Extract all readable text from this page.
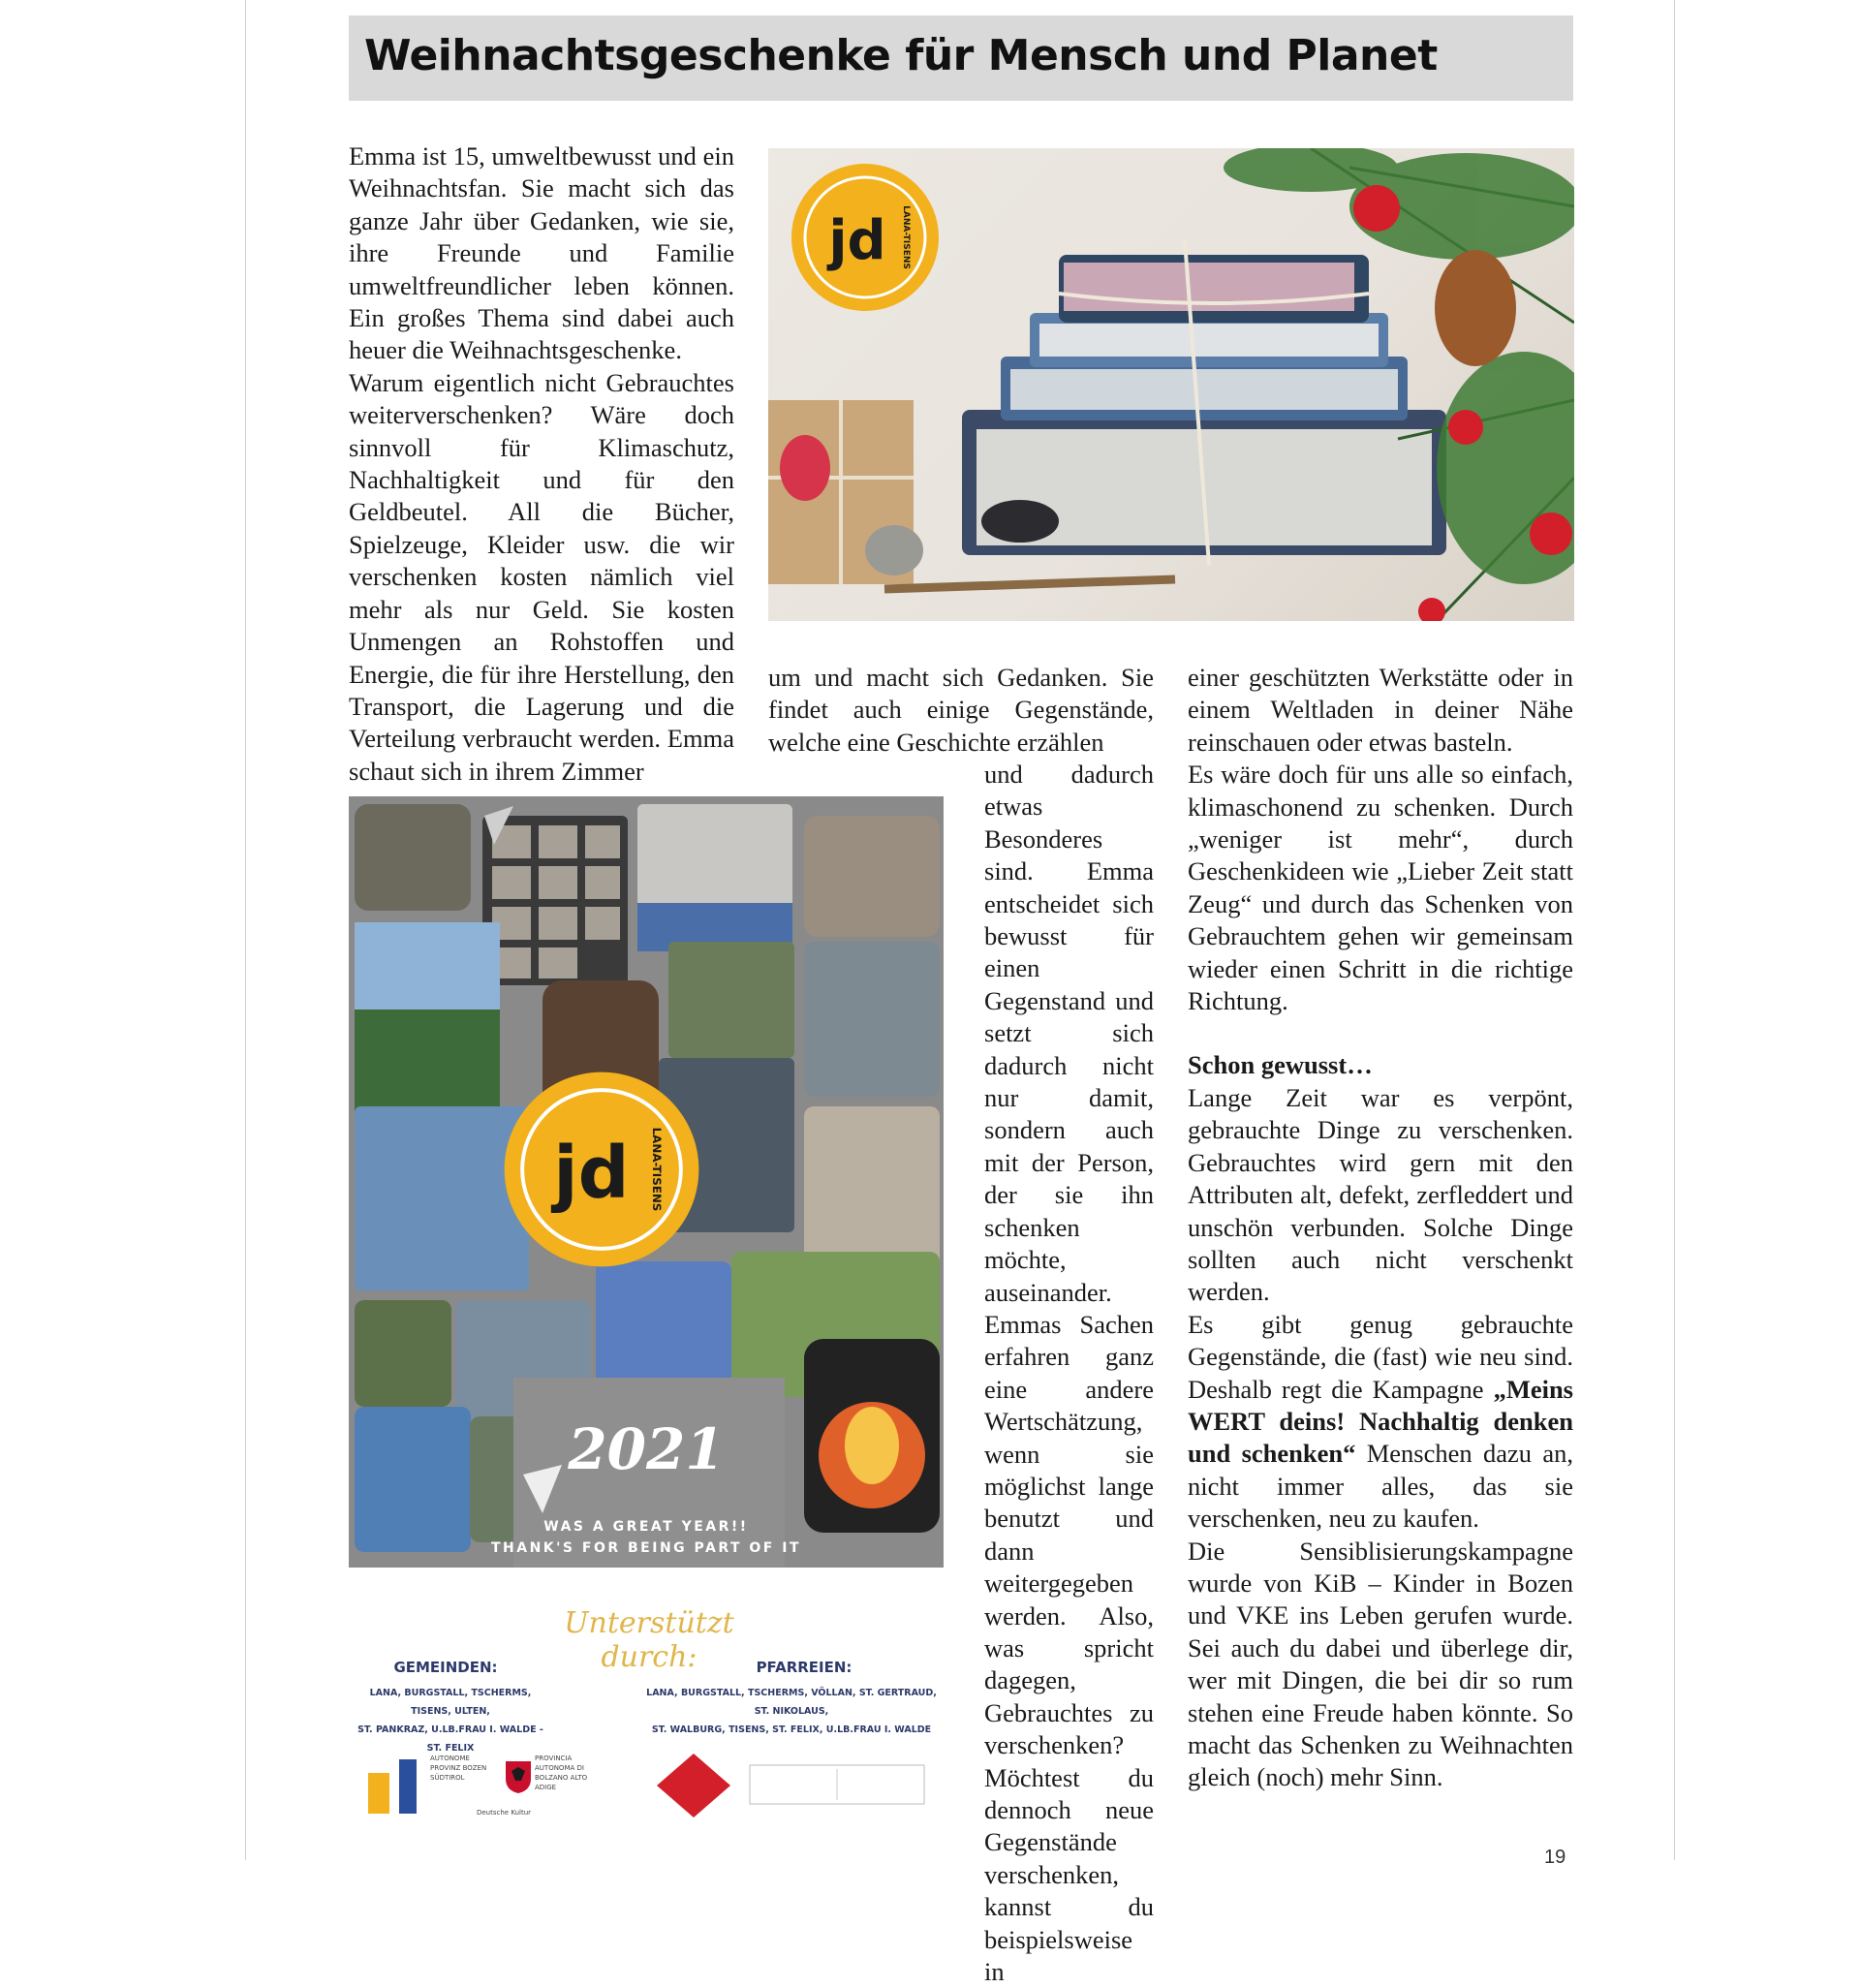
Weihnachtsgeschenke für Mensch und Planet

Emma ist 15, umweltbewusst und ein Weihnachtsfan. Sie macht sich das ganze Jahr über Gedanken, wie sie, ihre Freunde und Familie umweltfreundlicher leben können. Ein großes Thema sind dabei auch heuer die Weihnachtsgeschenke.

Warum eigentlich nicht Gebrauchtes weiterverschenken? Wäre doch sinnvoll für Klimaschutz, Nachhaltigkeit und für den Geldbeutel. All die Bücher, Spielzeuge, Kleider usw. die wir verschenken kosten nämlich viel mehr als nur Geld. Sie kosten Unmengen an Rohstoffen und Energie, die für ihre Herstellung, den Transport, die Lagerung und die Verteilung verbraucht werden. Emma schaut sich in ihrem Zimmer

jd LANA-TISENS

um und macht sich Gedanken. Sie findet auch einige Gegenstände, welche eine Geschichte erzählen

und dadurch etwas Besonderes sind. Emma entscheidet sich bewusst für einen Gegenstand und setzt sich dadurch nicht nur damit, sondern auch mit der Person, der sie ihn schenken möchte, auseinander. Emmas Sachen erfahren ganz eine andere Wertschätzung, wenn sie möglichst lange benutzt und dann weitergegeben werden. Also, was spricht dagegen, Gebrauchtes zu verschenken?

Möchtest du dennoch neue Gegenstände verschenken, kannst du beispielsweise in

einer geschützten Werkstätte oder in einem Weltladen in deiner Nähe reinschauen oder etwas basteln.

Es wäre doch für uns alle so einfach, klimaschonend zu schenken. Durch „weniger ist mehr“, durch Geschenkideen wie „Lieber Zeit statt Zeug“ und durch das Schenken von Gebrauchtem gehen wir gemeinsam wieder einen Schritt in die richtige Richtung.

Schon gewusst…

Lange Zeit war es verpönt, gebrauchte Dinge zu verschenken. Gebrauchtes wird gern mit den Attributen alt, defekt, zerfleddert und unschön verbunden. Solche Dinge sollten auch nicht verschenkt werden.

Es gibt genug gebrauchte Gegenstände, die (fast) wie neu sind. Deshalb regt die Kampagne „Meins WERT deins! Nachhaltig denken und schenken“ Menschen dazu an, nicht immer alles, das sie verschenken, neu zu kaufen.

Die Sensiblisierungskampagne wurde von KiB – Kinder in Bozen und VKE ins Leben gerufen wurde. Sei auch du dabei und überlege dir, wer mit Dingen, die bei dir so rum stehen eine Freude haben könnte. So macht das Schenken zu Weihnachten gleich (noch) mehr Sinn.

jd LANA-TISENS
2021
WAS A GREAT YEAR!!
THANK'S FOR BEING PART OF IT
Unterstützt durch:
GEMEINDEN:
LANA, BURGSTALL, TSCHERMS, TISENS, ULTEN,
ST. PANKRAZ, U.LB.FRAU I. WALDE - ST. FELIX
PFARREIEN:
LANA, BURGSTALL, TSCHERMS, VÖLLAN, ST. GERTRAUD, ST. NIKOLAUS,
ST. WALBURG, TISENS, ST. FELIX, U.LB.FRAU I. WALDE
AUTONOME PROVINZ BOZEN SÜDTIROL
PROVINCIA AUTONOMA DI BOLZANO ALTO ADIGE
Deutsche Kultur
19
